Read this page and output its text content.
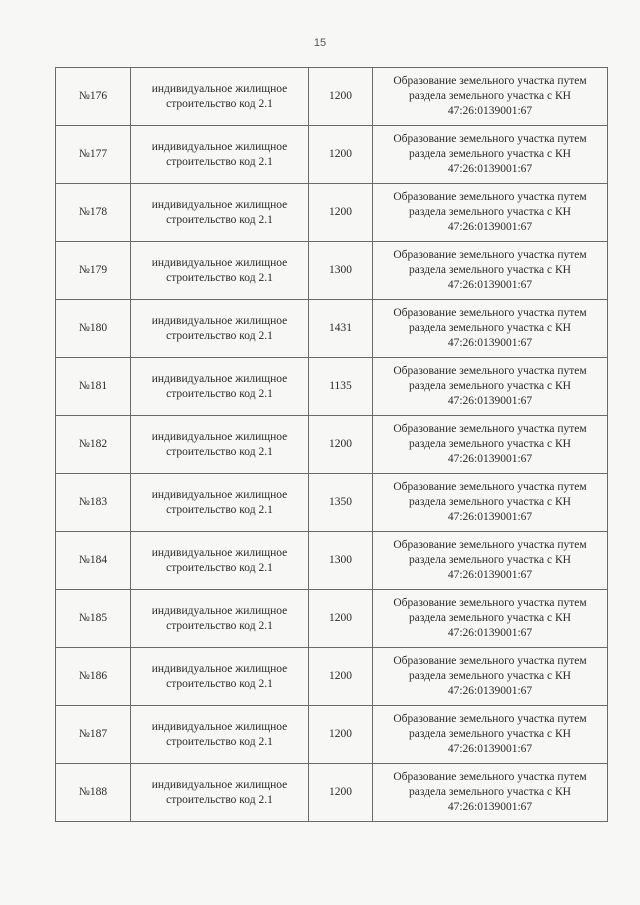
15
№176	индивидуальное жилищное
строительство код 2.1	1200	Образование земельного участка путем
раздела земельного участка с КН
47:26:0139001:67

№177	индивидуальное жилищное
строительство код 2.1	1200	Образование земельного участка путем
раздела земельного участка с КН
47:26:0139001:67

№178	индивидуальное жилищное
строительство код 2.1	1200	Образование земельного участка путем
раздела земельного участка с КН
47:26:0139001:67

№179	индивидуальное жилищное
строительство код 2.1	1300	Образование земельного участка путем
раздела земельного участка с КН
47:26:0139001:67

№180	индивидуальное жилищное
строительство код 2.1	1431	Образование земельного участка путем
раздела земельного участка с КН
47:26:0139001:67

№181	индивидуальное жилищное
строительство код 2.1	1135	Образование земельного участка путем
раздела земельного участка с КН
47:26:0139001:67

№182	индивидуальное жилищное
строительство код 2.1	1200	Образование земельного участка путем
раздела земельного участка с КН
47:26:0139001:67

№183	индивидуальное жилищное
строительство код 2.1	1350	Образование земельного участка путем
раздела земельного участка с КН
47:26:0139001:67

№184	индивидуальное жилищное
строительство код 2.1	1300	Образование земельного участка путем
раздела земельного участка с КН
47:26:0139001:67

№185	индивидуальное жилищное
строительство код 2.1	1200	Образование земельного участка путем
раздела земельного участка с КН
47:26:0139001:67

№186	индивидуальное жилищное
строительство код 2.1	1200	Образование земельного участка путем
раздела земельного участка с КН
47:26:0139001:67

№187	индивидуальное жилищное
строительство код 2.1	1200	Образование земельного участка путем
раздела земельного участка с КН
47:26:0139001:67

№188	индивидуальное жилищное
строительство код 2.1	1200	Образование земельного участка путем
раздела земельного участка с КН
47:26:0139001:67
